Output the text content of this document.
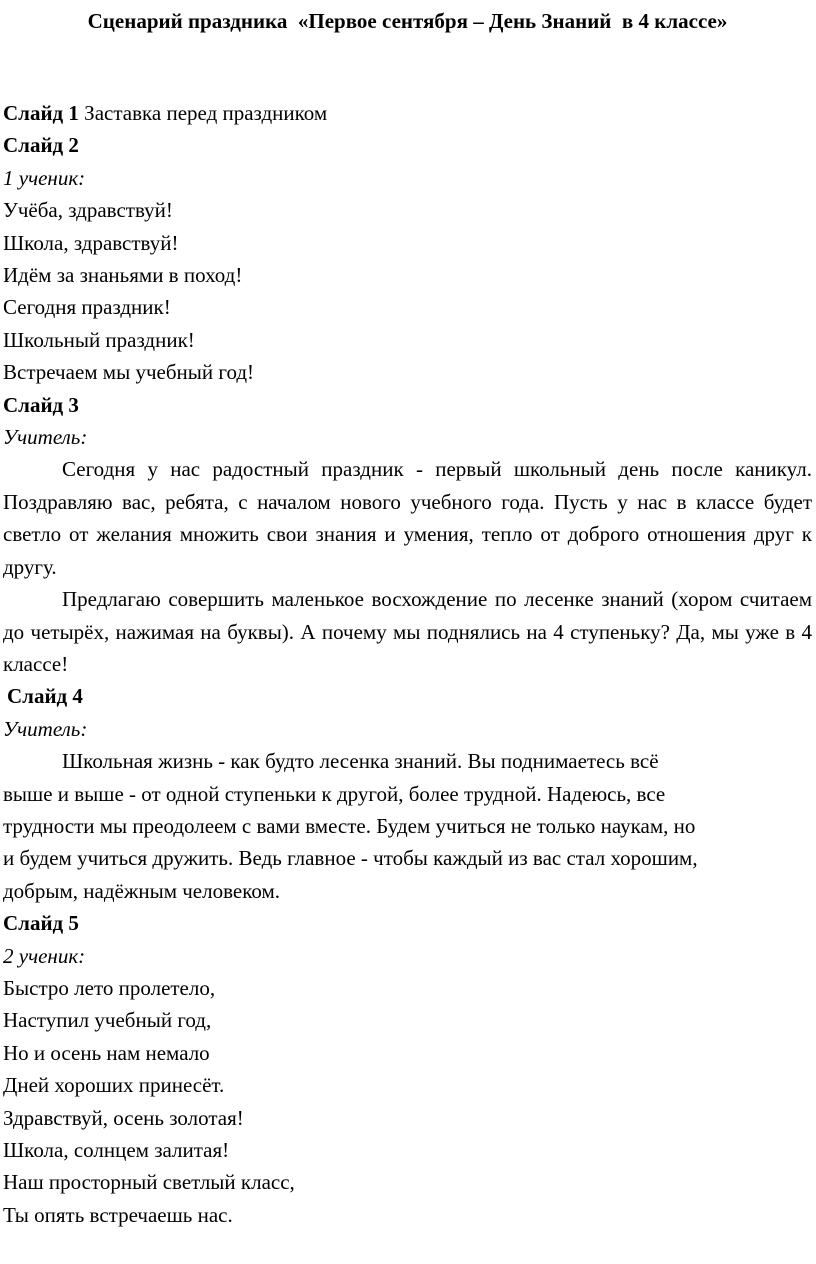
Сценарий праздника  «Первое сентября – День Знаний  в 4 классе»
Слайд 1 Заставка перед праздником
Слайд 2
1 ученик:
Учёба, здравствуй!
Школа, здравствуй!
Идём за знаньями в поход!
Сегодня праздник!
Школьный праздник!
Встречаем мы учебный год!
Слайд 3
Учитель:

Сегодня у нас радостный праздник - первый школьный день после каникул. Поздравляю вас, ребята, с началом нового учебного года. Пусть у нас в классе будет светло от желания множить свои знания и умения, тепло от доброго отношения друг к другу.

Предлагаю совершить маленькое восхождение по лесенке знаний (хором считаем до четырёх, нажимая на буквы). А почему мы поднялись на 4 ступеньку? Да, мы уже в 4 классе!

Слайд 4
Учитель:
Школьная жизнь - как будто лесенка знаний. Вы поднимаетесь всё
выше и выше - от одной ступеньки к другой, более трудной. Надеюсь, все
трудности мы преодолеем с вами вместе. Будем учиться не только наукам, но
и будем учиться дружить. Ведь главное - чтобы каждый из вас стал хорошим,
добрым, надёжным человеком.
Слайд 5
2 ученик:
Быстро лето пролетело,
Наступил учебный год,
Но и осень нам немало
Дней хороших принесёт.
Здравствуй, осень золотая!
Школа, солнцем залитая!
Наш просторный светлый класс,
Ты опять встречаешь нас.
